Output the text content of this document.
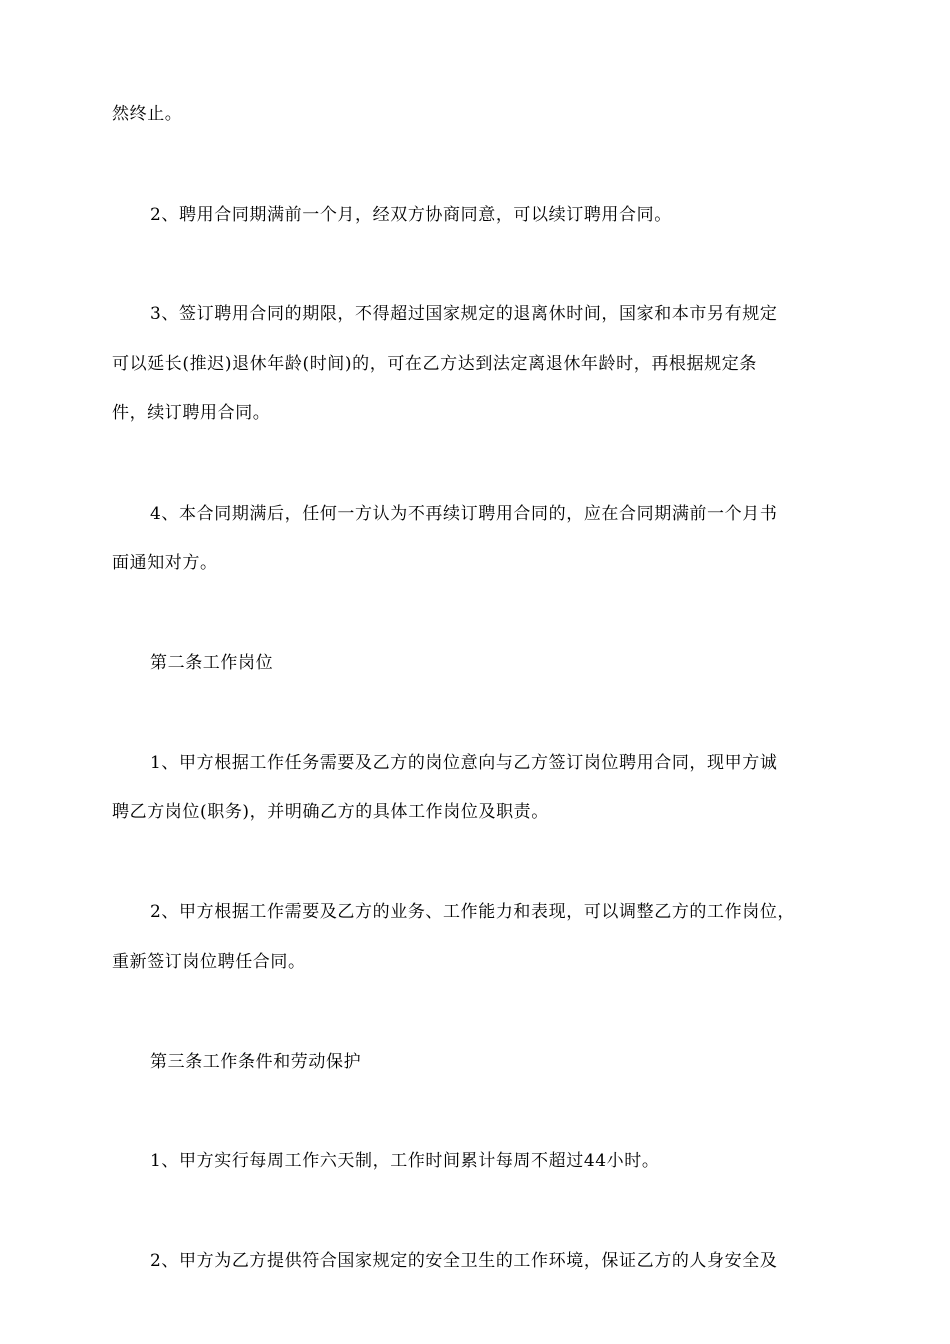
然终止。
2、聘用合同期满前一个月，经双方协商同意，可以续订聘用合同。
3、签订聘用合同的期限，不得超过国家规定的退离休时间，国家和本市另有规定
可以延长(推迟)退休年龄(时间)的，可在乙方达到法定离退休年龄时，再根据规定条
件，续订聘用合同。
4、本合同期满后，任何一方认为不再续订聘用合同的，应在合同期满前一个月书
面通知对方。
第二条工作岗位
1、甲方根据工作任务需要及乙方的岗位意向与乙方签订岗位聘用合同，现甲方诚
聘乙方岗位(职务)，并明确乙方的具体工作岗位及职责。
2、甲方根据工作需要及乙方的业务、工作能力和表现，可以调整乙方的工作岗位，
重新签订岗位聘任合同。
第三条工作条件和劳动保护
1、甲方实行每周工作六天制，工作时间累计每周不超过44小时。
2、甲方为乙方提供符合国家规定的安全卫生的工作环境，保证乙方的人身安全及
